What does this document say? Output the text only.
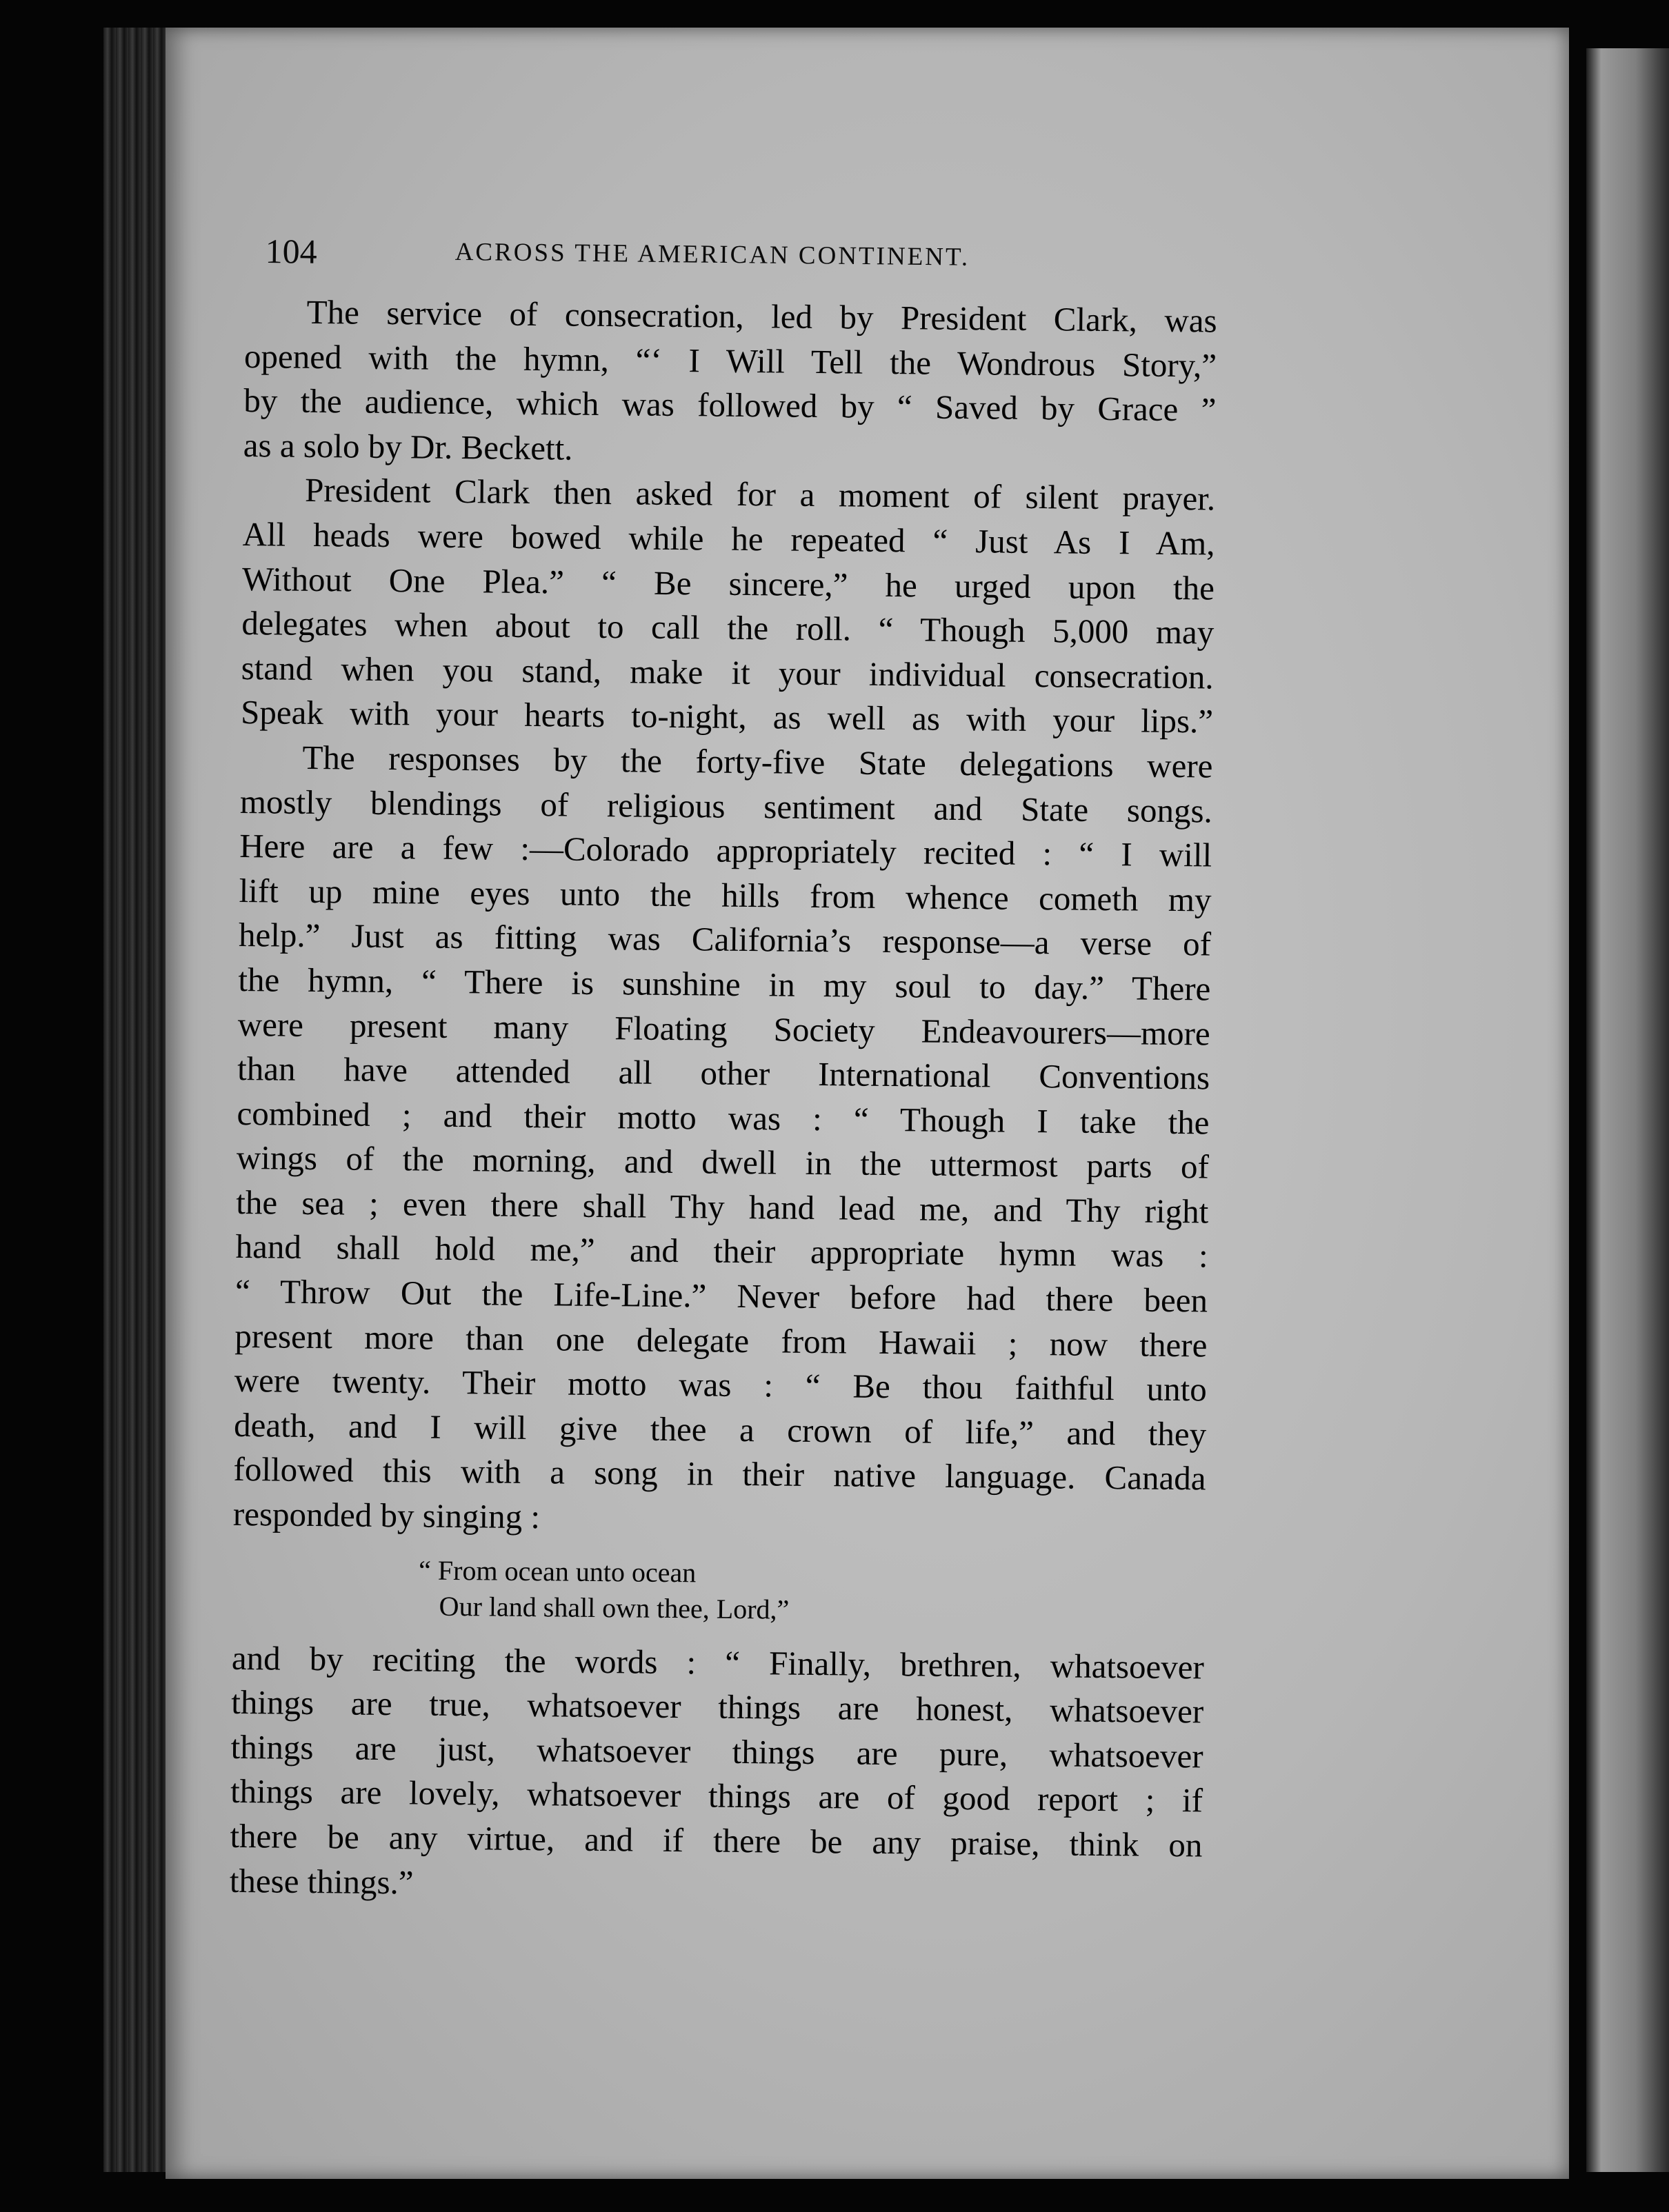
104	ACROSS THE AMERICAN CONTINENT.

The service of consecration, led by President Clark, was
opened with the hymn, “‘ I Will Tell the Wondrous Story,”
by the audience, which was followed by “ Saved by Grace ”
as a solo by Dr. Beckett.

President Clark then asked for a moment of silent prayer.
All heads were bowed while he repeated “ Just As I Am,
Without One Plea.” “ Be sincere,” he urged upon the
delegates when about to call the roll. “ Though 5,000 may
stand when you stand, make it your individual consecration.
Speak with your hearts to-night, as well as with your lips.”

The responses by the forty-five State delegations were
mostly blendings of religious sentiment and State songs.
Here are a few :—Colorado appropriately recited : “ I will
lift up mine eyes unto the hills from whence cometh my
help.” Just as fitting was California’s response—a verse of
the hymn, “ There is sunshine in my soul to day.” There
were present many Floating Society Endeavourers—more
than have attended all other International Conventions
combined ; and their motto was : “ Though I take the
wings of the morning, and dwell in the uttermost parts of
the sea ; even there shall Thy hand lead me, and Thy right
hand shall hold me,” and their appropriate hymn was :
“ Throw Out the Life-Line.” Never before had there been
present more than one delegate from Hawaii ; now there
were twenty. Their motto was : “ Be thou faithful unto
death, and I will give thee a crown of life,” and they
followed this with a song in their native language. Canada
responded by singing :

“ From ocean unto ocean
Our land shall own thee, Lord,”

and by reciting the words : “ Finally, brethren, whatsoever
things are true, whatsoever things are honest, whatsoever
things are just, whatsoever things are pure, whatsoever
things are lovely, whatsoever things are of good report ; if
there be any virtue, and if there be any praise, think on
these things.”
